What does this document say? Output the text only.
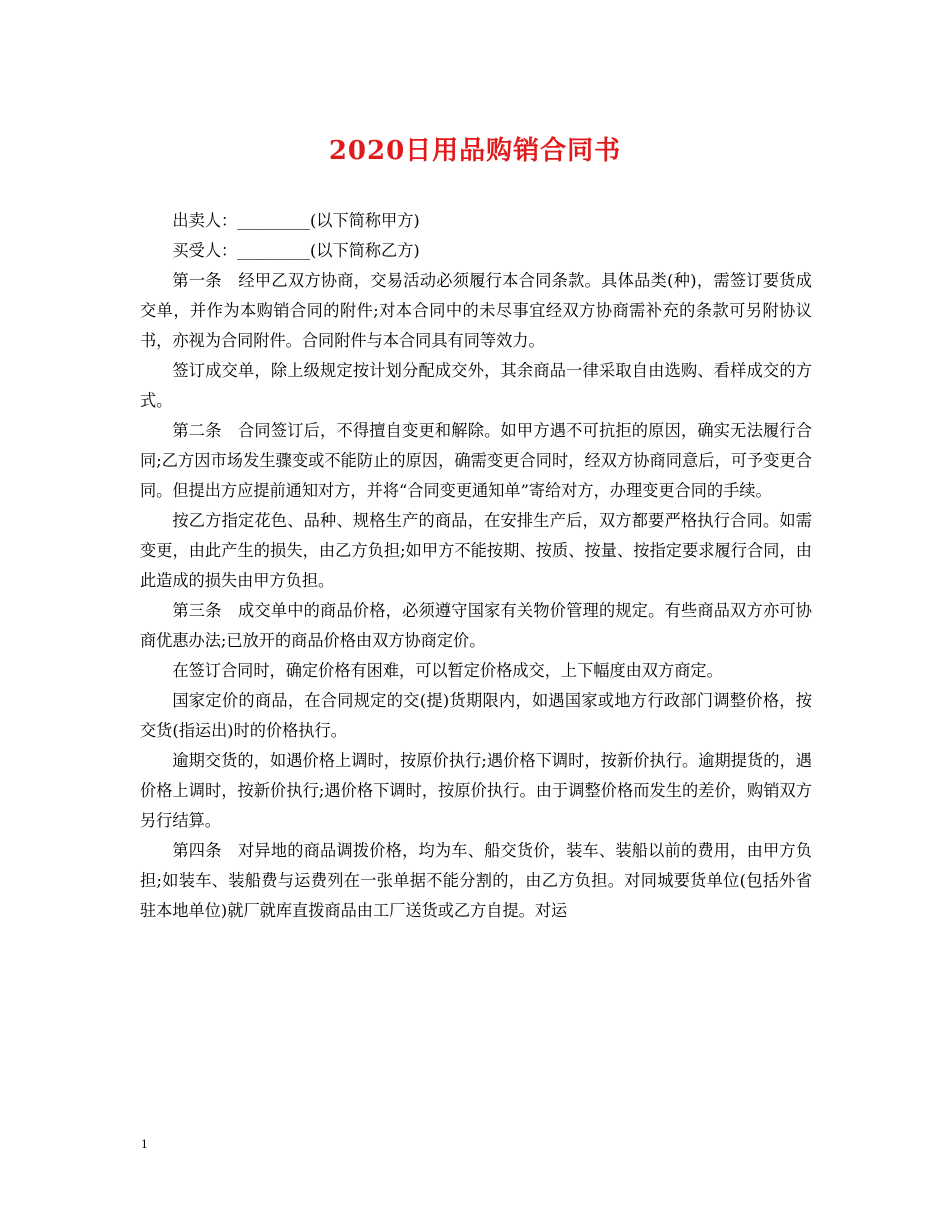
2020日用品购销合同书

出卖人：_________(以下简称甲方)

买受人：_________(以下简称乙方)

第一条　经甲乙双方协商，交易活动必须履行本合同条款。具体品类(种)，需签订要货成交单，并作为本购销合同的附件;对本合同中的未尽事宜经双方协商需补充的条款可另附协议书，亦视为合同附件。合同附件与本合同具有同等效力。

签订成交单，除上级规定按计划分配成交外，其余商品一律采取自由选购、看样成交的方式。

第二条　合同签订后，不得擅自变更和解除。如甲方遇不可抗拒的原因，确实无法履行合同;乙方因市场发生骤变或不能防止的原因，确需变更合同时，经双方协商同意后，可予变更合同。但提出方应提前通知对方，并将“合同变更通知单”寄给对方，办理变更合同的手续。

按乙方指定花色、品种、规格生产的商品，在安排生产后，双方都要严格执行合同。如需变更，由此产生的损失，由乙方负担;如甲方不能按期、按质、按量、按指定要求履行合同，由此造成的损失由甲方负担。

第三条　成交单中的商品价格，必须遵守国家有关物价管理的规定。有些商品双方亦可协商优惠办法;已放开的商品价格由双方协商定价。

在签订合同时，确定价格有困难，可以暂定价格成交，上下幅度由双方商定。

国家定价的商品，在合同规定的交(提)货期限内，如遇国家或地方行政部门调整价格，按交货(指运出)时的价格执行。

逾期交货的，如遇价格上调时，按原价执行;遇价格下调时，按新价执行。逾期提货的，遇价格上调时，按新价执行;遇价格下调时，按原价执行。由于调整价格而发生的差价，购销双方另行结算。

第四条　对异地的商品调拨价格，均为车、船交货价，装车、装船以前的费用，由甲方负担;如装车、装船费与运费列在一张单据不能分割的，由乙方负担。对同城要货单位(包括外省驻本地单位)就厂就库直拨商品由工厂送货或乙方自提。对运

1
